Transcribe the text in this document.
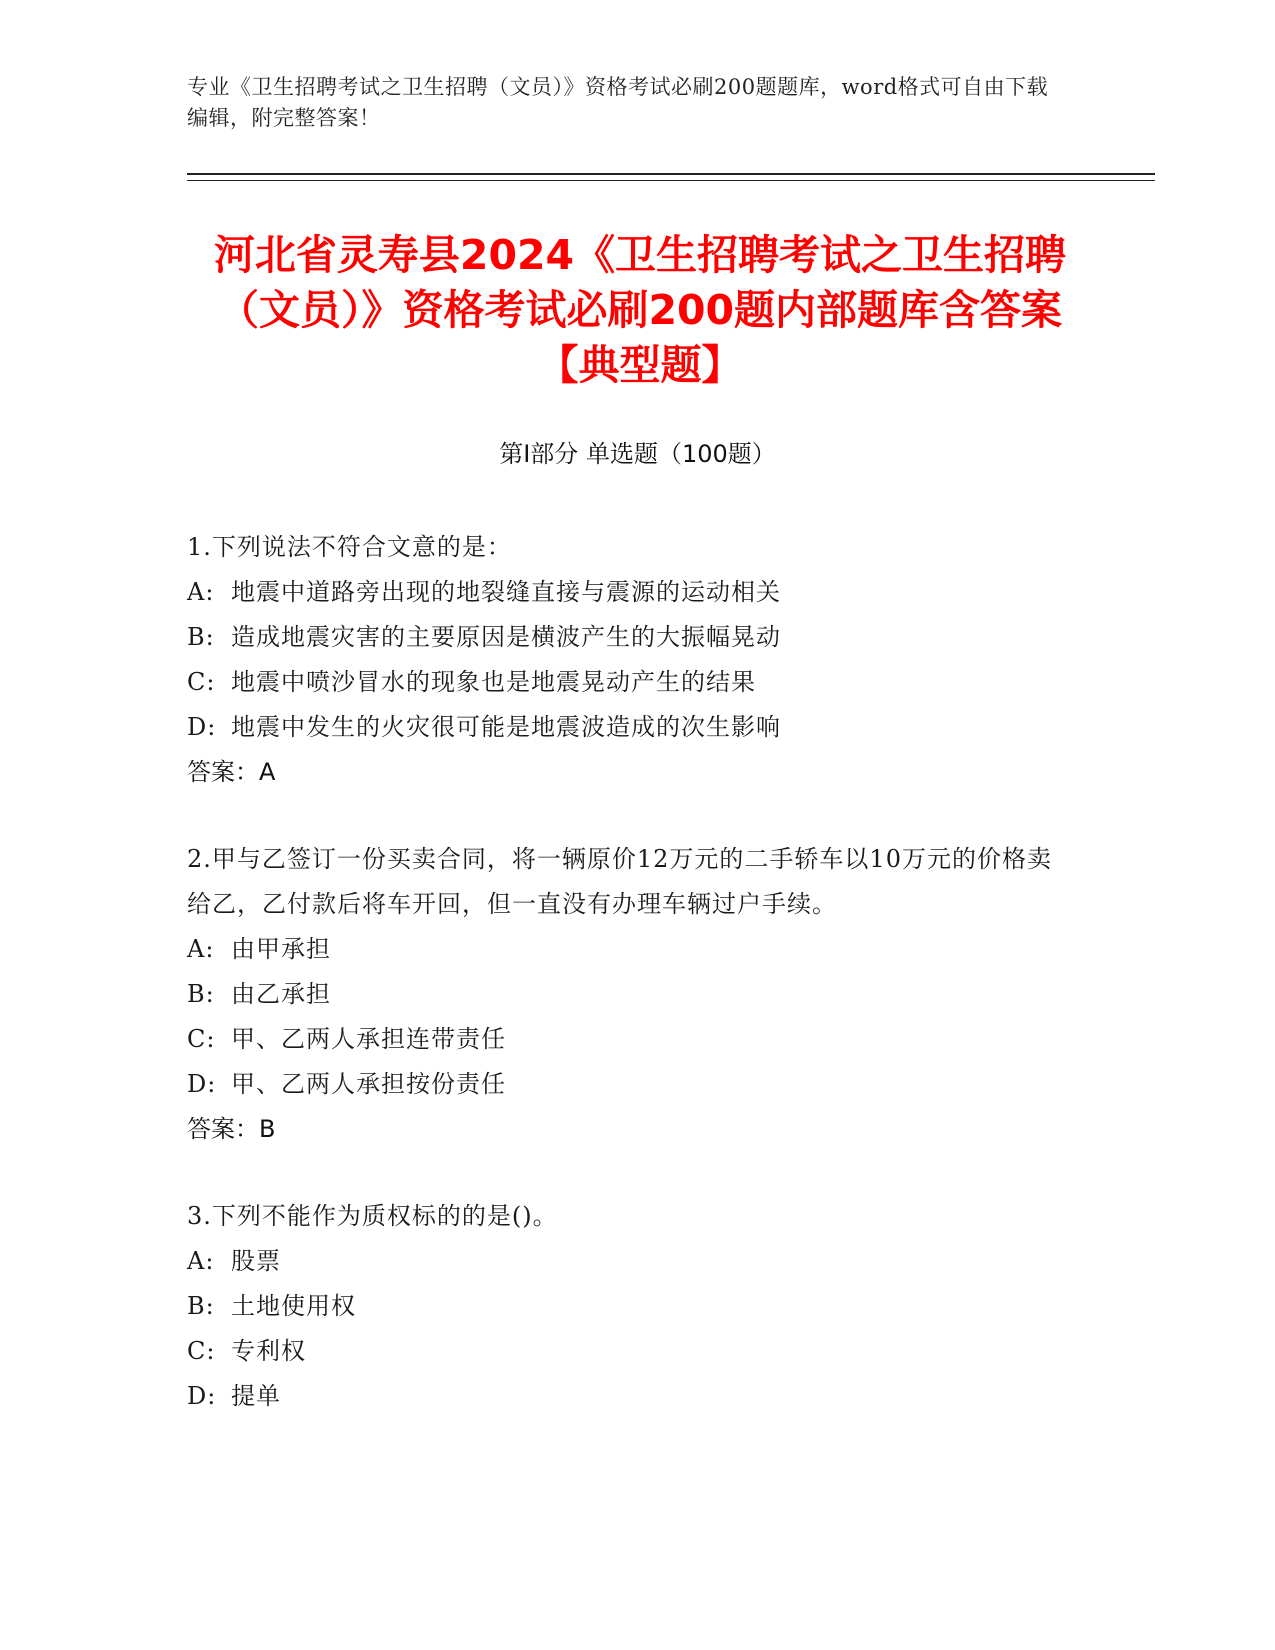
专业《卫生招聘考试之卫生招聘（文员）》资格考试必刷200题题库，word格式可自由下载编辑，附完整答案！
河北省灵寿县2024《卫生招聘考试之卫生招聘（文员）》资格考试必刷200题内部题库含答案【典型题】
第I部分 单选题（100题）
1.下列说法不符合文意的是：
A: 地震中道路旁出现的地裂缝直接与震源的运动相关
B: 造成地震灾害的主要原因是横波产生的大振幅晃动
C: 地震中喷沙冒水的现象也是地震晃动产生的结果
D: 地震中发生的火灾很可能是地震波造成的次生影响
答案：A
2.甲与乙签订一份买卖合同，将一辆原价12万元的二手轿车以10万元的价格卖给乙，乙付款后将车开回，但一直没有办理车辆过户手续。
A: 由甲承担
B: 由乙承担
C: 甲、乙两人承担连带责任
D: 甲、乙两人承担按份责任
答案：B
3.下列不能作为质权标的的是()。
A: 股票
B: 土地使用权
C: 专利权
D: 提单
